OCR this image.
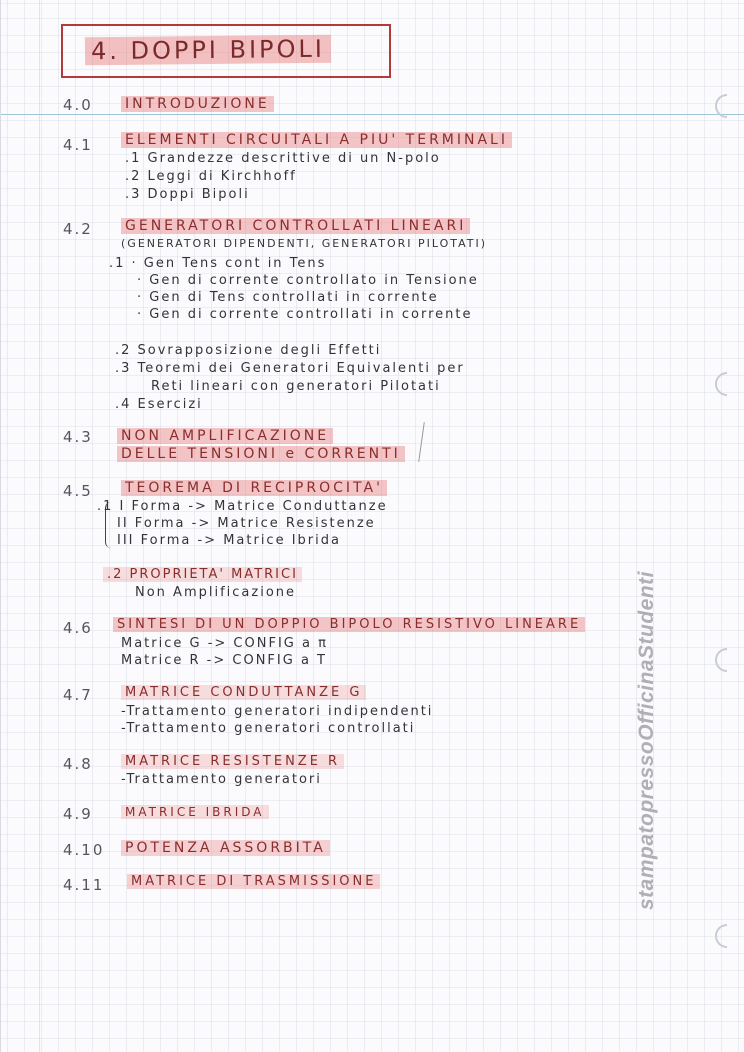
4. DOPPI BIPOLI
4.0 INTRODUZIONE
4.1 ELEMENTI CIRCUITALI A PIU' TERMINALI
.1 Grandezze descrittive di un N-polo
.2 Leggi di Kirchhoff
.3 Doppi Bipoli
4.2 GENERATORI CONTROLLATI LINEARI
(GENERATORI DIPENDENTI, GENERATORI PILOTATI)
.1 · Gen Tens cont in Tens
· Gen di corrente controllato in Tensione
· Gen di Tens controllati in corrente
· Gen di corrente controllati in corrente
.2 Sovrapposizione degli Effetti
.3 Teoremi dei Generatori Equivalenti per
Reti lineari con generatori Pilotati
.4 Esercizi
4.3 NON AMPLIFICAZIONE
DELLE TENSIONI e CORRENTI
4.5 TEOREMA DI RECIPROCITA'
.1 I Forma -> Matrice Conduttanze
II Forma -> Matrice Resistenze
III Forma -> Matrice Ibrida
.2 PROPRIETA' MATRICI
Non Amplificazione
4.6	SINTESI DI UN DOPPIO BIPOLO RESISTIVO LINEARE
Matrice G -> CONFIG a π
Matrice R -> CONFIG a T
4.7	MATRICE CONDUTTANZE G
-Trattamento generatori indipendenti
-Trattamento generatori controllati
4.8	MATRICE RESISTENZE R
-Trattamento generatori
4.9	MATRICE IBRIDA
4.10 POTENZA ASSORBITA
4.11	MATRICE DI TRASMISSIONE	stampatopressoOfficinaStudenti
